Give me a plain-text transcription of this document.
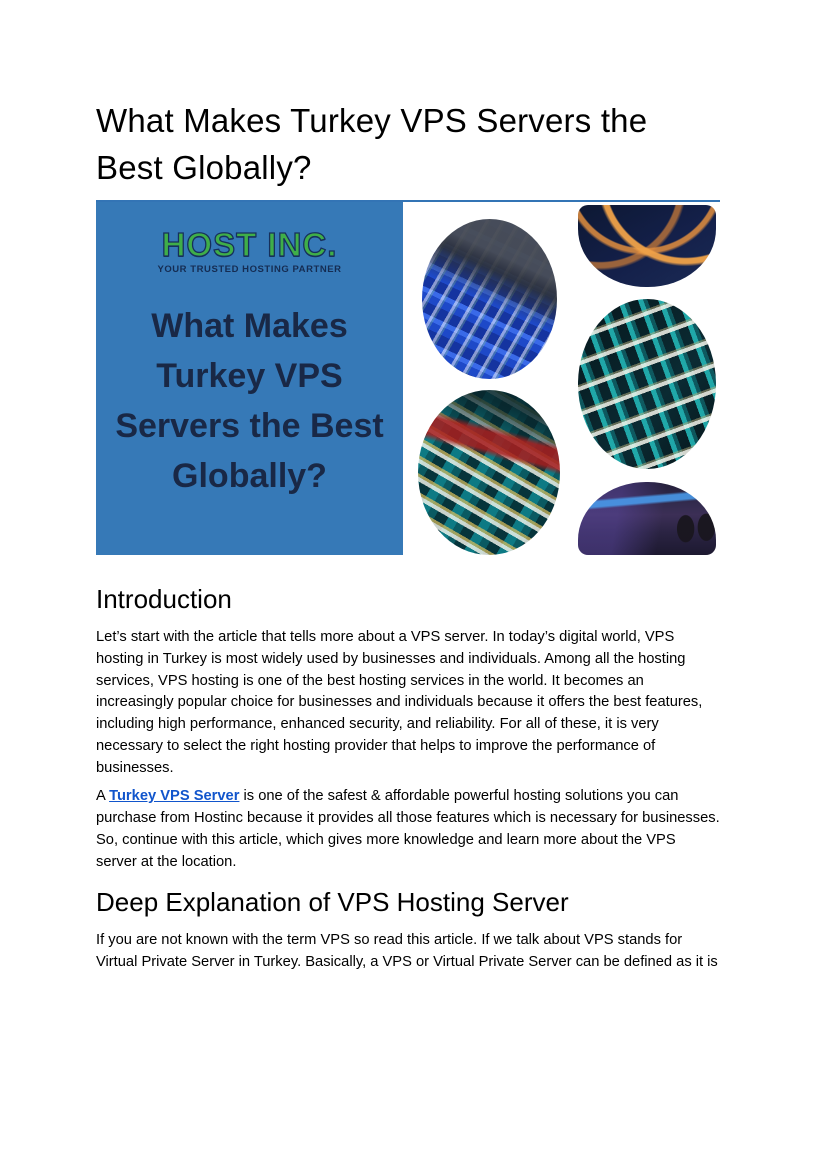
What Makes Turkey VPS Servers the Best Globally?
HOST INC.
YOUR TRUSTED HOSTING PARTNER
What Makes
Turkey VPS
Servers the Best
Globally?
Introduction

Let’s start with the article that tells more about a VPS server. In today’s digital world, VPS hosting in Turkey is most widely used by businesses and individuals. Among all the hosting services, VPS hosting is one of the best hosting services in the world. It becomes an increasingly popular choice for businesses and individuals because it offers the best features, including high performance, enhanced security, and reliability. For all of these, it is very necessary to select the right hosting provider that helps to improve the performance of businesses.

A Turkey VPS Server is one of the safest & affordable powerful hosting solutions you can purchase from Hostinc because it provides all those features which is necessary for businesses. So, continue with this article, which gives more knowledge and learn more about the VPS server at the location.

Deep Explanation of VPS Hosting Server

If you are not known with the term VPS so read this article. If we talk about VPS stands for Virtual Private Server in Turkey. Basically, a VPS or Virtual Private Server can be defined as it is
